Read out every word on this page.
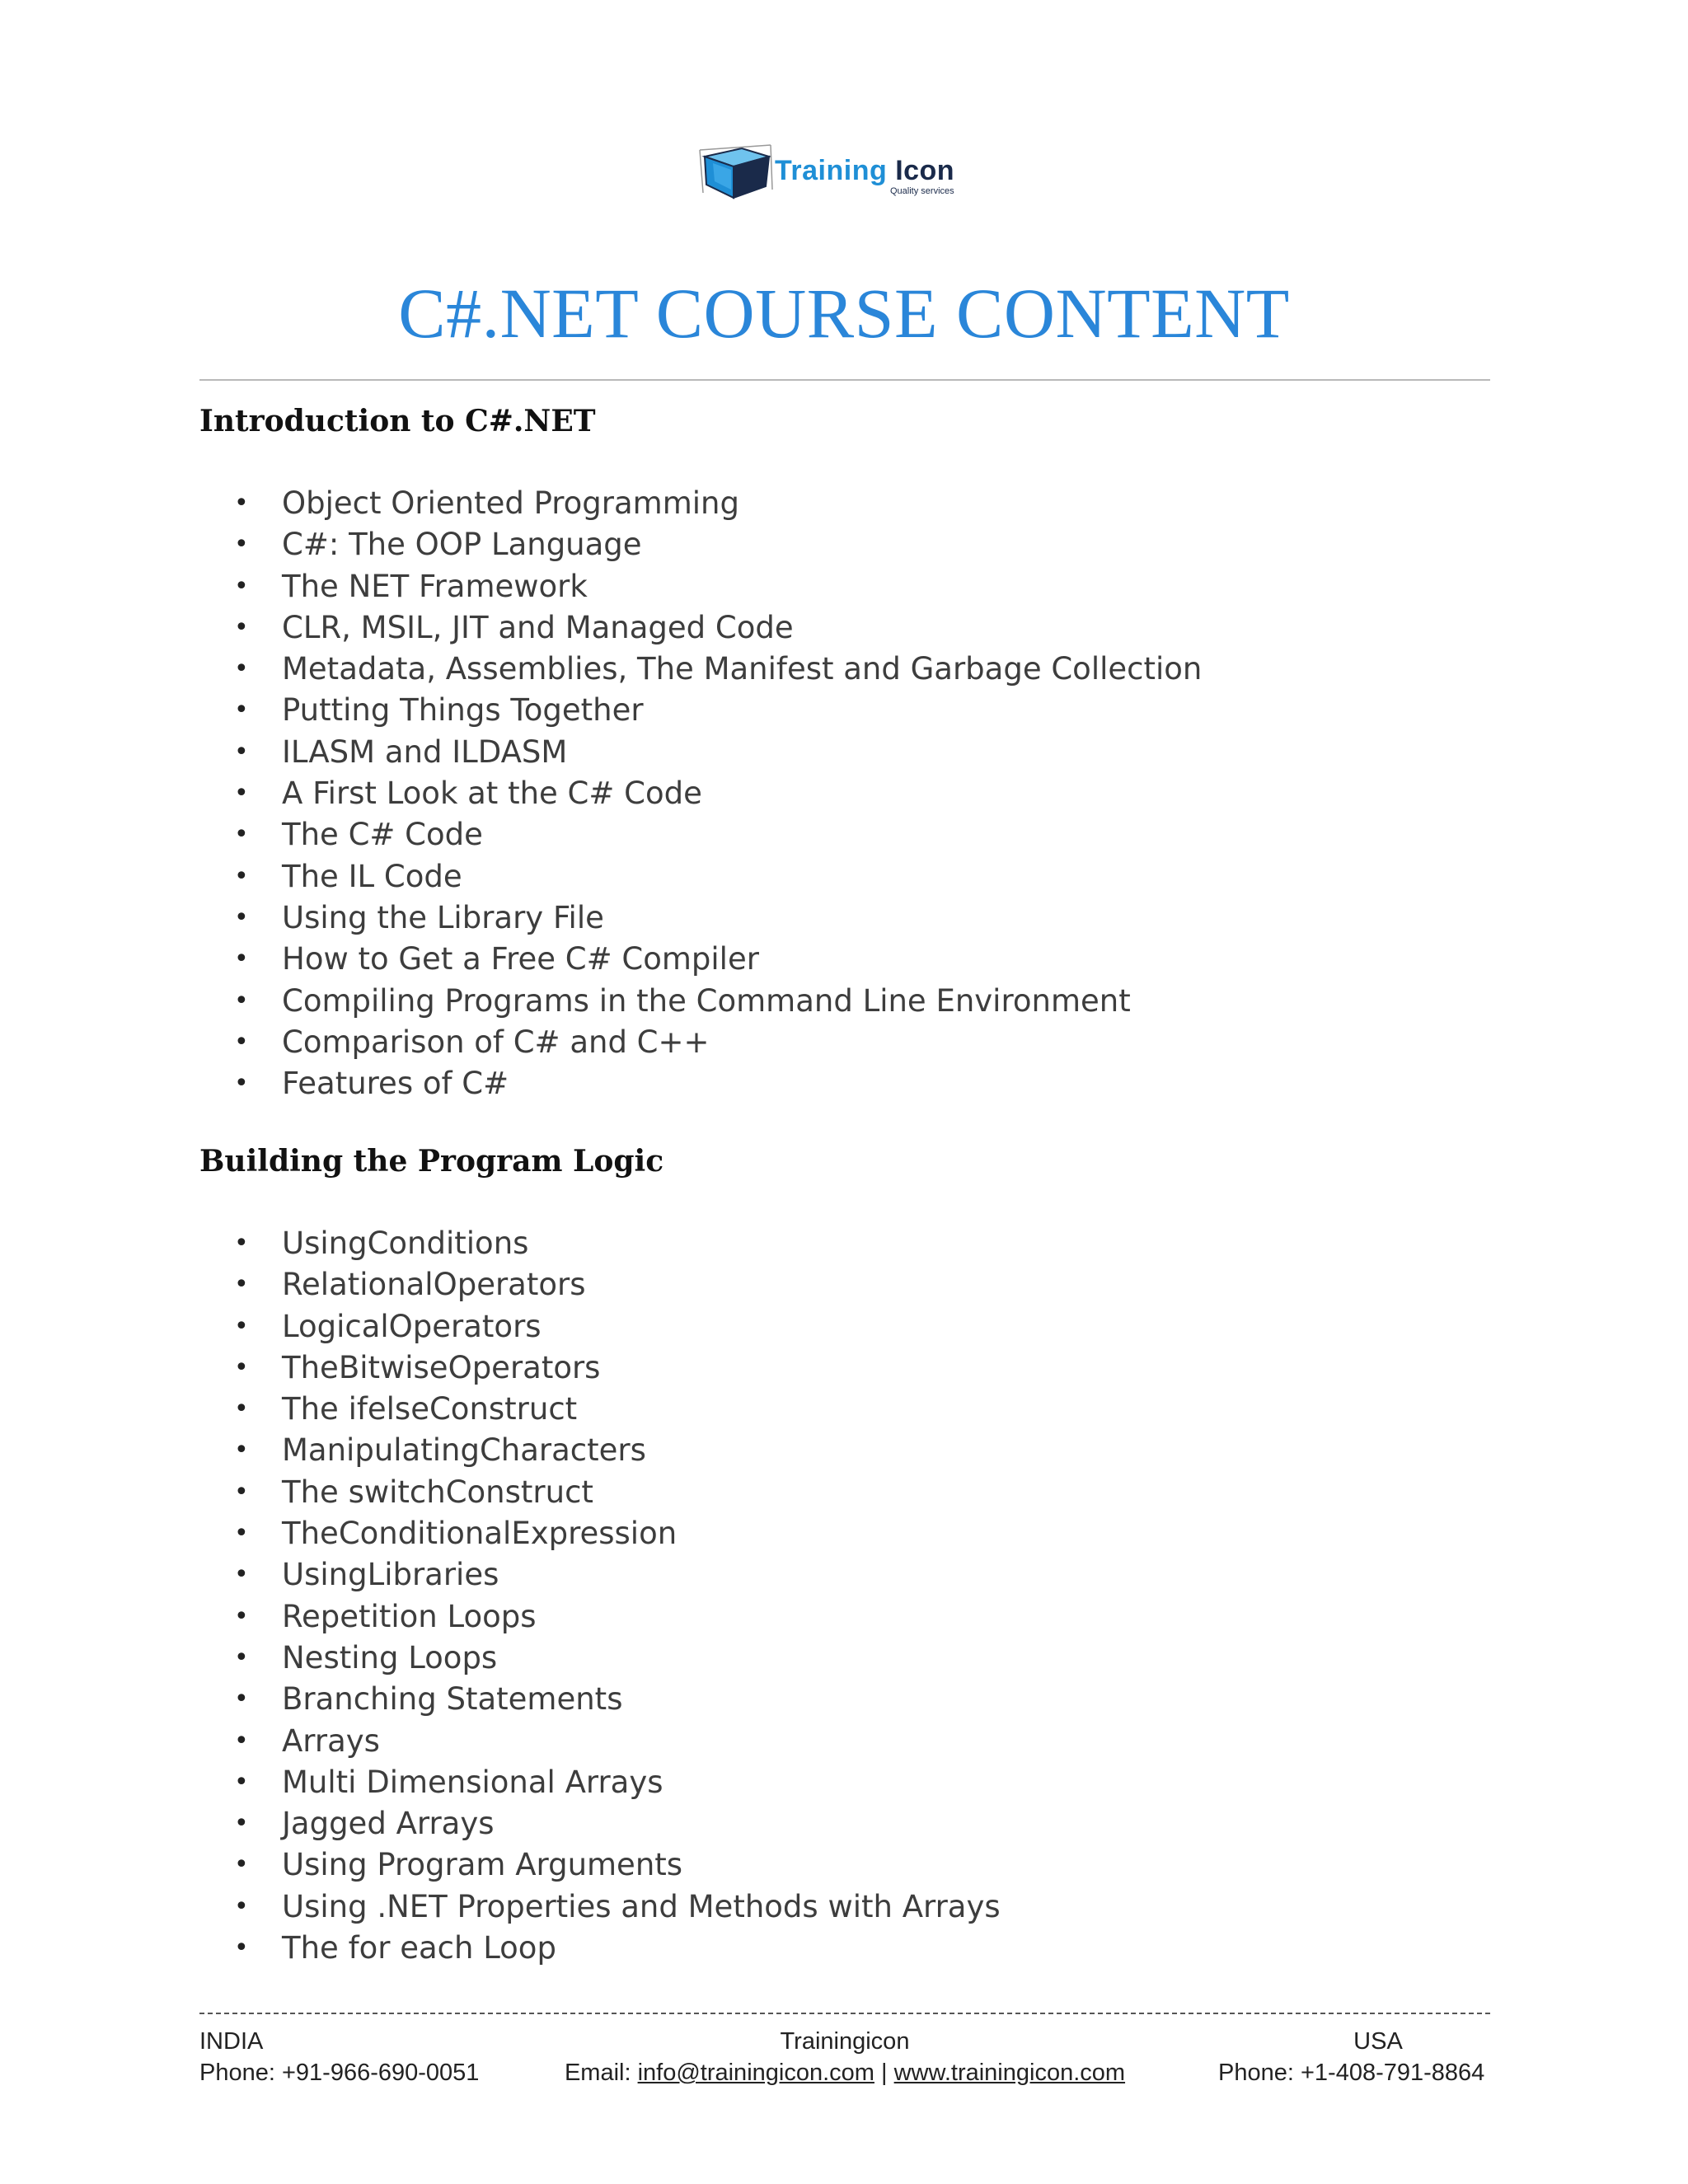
Training Icon
Quality services
C#.NET COURSE CONTENT
Introduction to C#.NET
• Object Oriented Programming
• C#: The OOP Language
• The NET Framework
• CLR, MSIL, JIT and Managed Code
• Metadata, Assemblies, The Manifest and Garbage Collection
• Putting Things Together
• ILASM and ILDASM
• A First Look at the C# Code
• The C# Code
• The IL Code
• Using the Library File
• How to Get a Free C# Compiler
• Compiling Programs in the Command Line Environment
• Comparison of C# and C++
• Features of C#
Building the Program Logic
• UsingConditions
• RelationalOperators
• LogicalOperators
• TheBitwiseOperators
• The ifelseConstruct
• ManipulatingCharacters
• The switchConstruct
• TheConditionalExpression
• UsingLibraries
• Repetition Loops
• Nesting Loops
• Branching Statements
• Arrays
• Multi Dimensional Arrays
• Jagged Arrays
• Using Program Arguments
• Using .NET Properties and Methods with Arrays
• The for each Loop
INDIA
Phone: +91-966-690-0051
Trainingicon
Email: info@trainingicon.com | www.trainingicon.com
USA
Phone: +1-408-791-8864
